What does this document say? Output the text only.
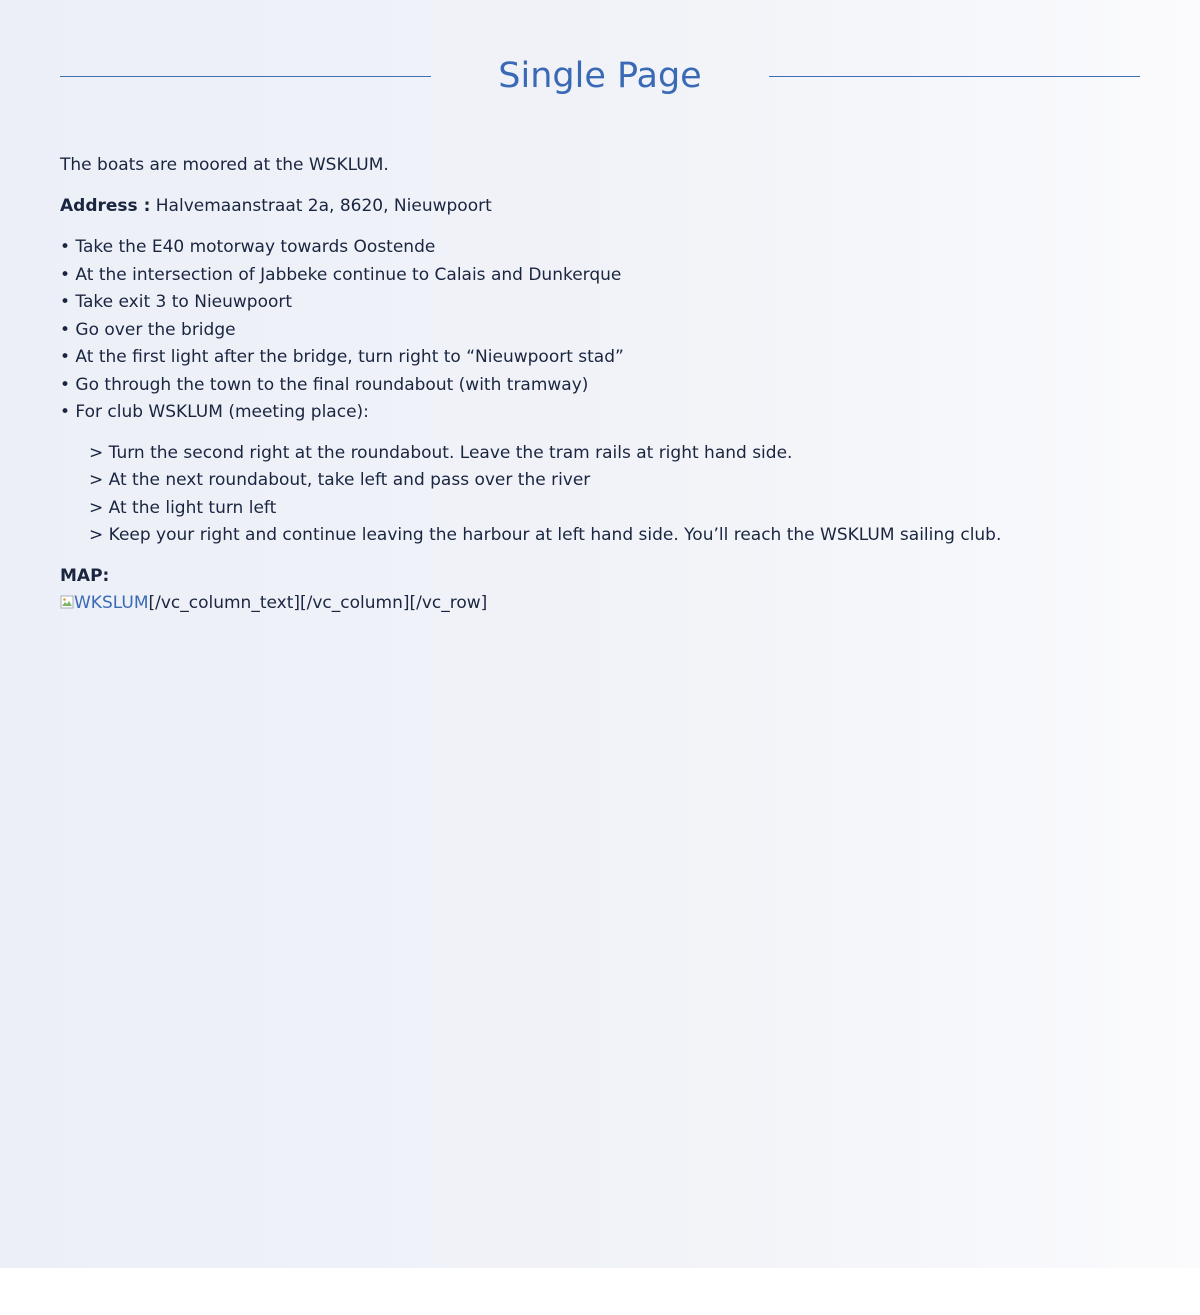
Single Page

The boats are moored at the WSKLUM.

Address : Halvemaanstraat 2a, 8620, Nieuwpoort

• Take the E40 motorway towards Oostende
• At the intersection of Jabbeke continue to Calais and Dunkerque
• Take exit 3 to Nieuwpoort
• Go over the bridge
• At the first light after the bridge, turn right to “Nieuwpoort stad”
• Go through the town to the final roundabout (with tramway)
• For club WSKLUM (meeting place):
> Turn the second right at the roundabout. Leave the tram rails at right hand side.
> At the next roundabout, take left and pass over the river
> At the light turn left
> Keep your right and continue leaving the harbour at left hand side. You’ll reach the WSKLUM sailing club.

MAP:

WKSLUM[/vc_column_text][/vc_column][/vc_row]
